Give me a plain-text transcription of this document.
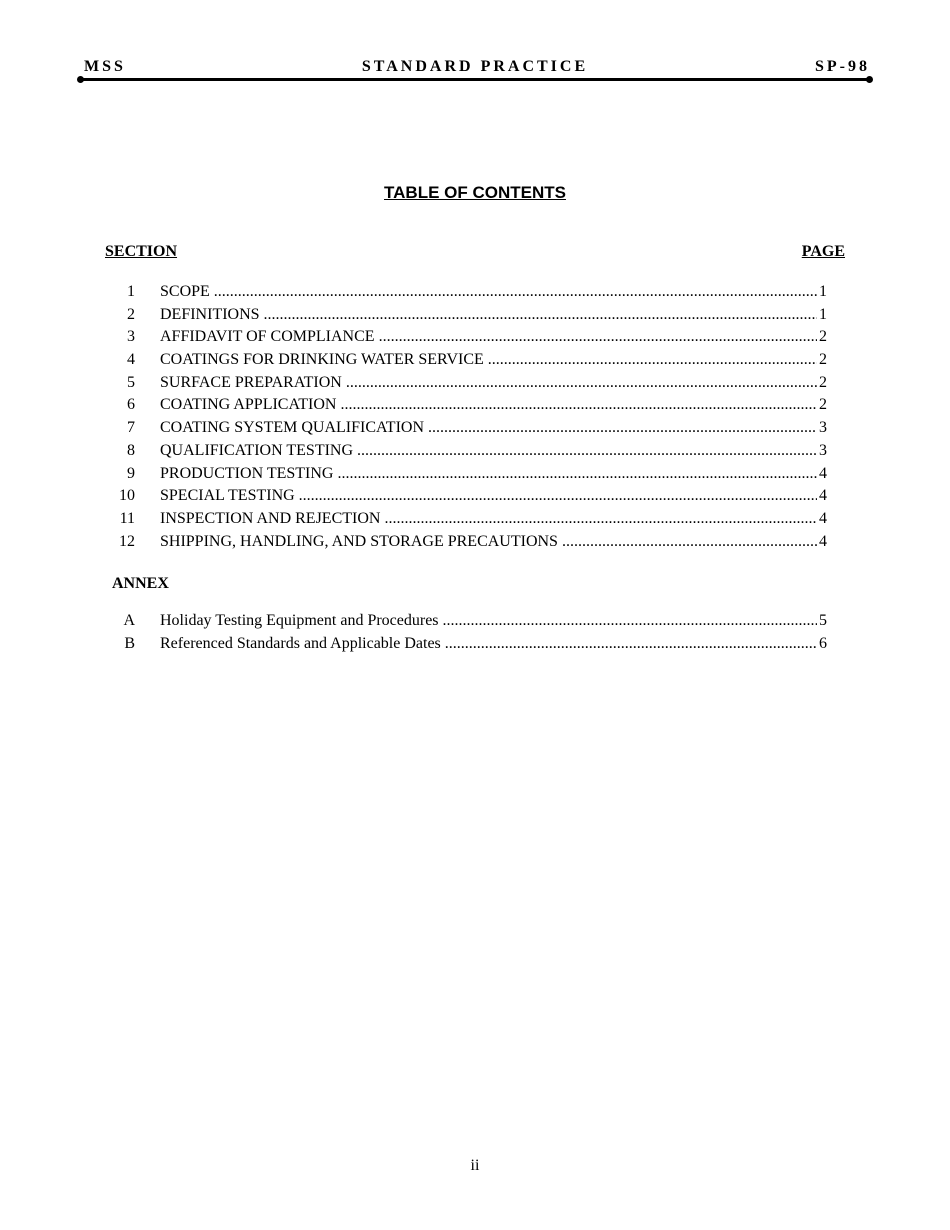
MSS	STANDARD PRACTICE	SP-98
TABLE OF CONTENTS
SECTION	PAGE
1 SCOPE .....	1
2 DEFINITIONS .....	1
3 AFFIDAVIT OF COMPLIANCE .....	2
4 COATINGS FOR DRINKING WATER SERVICE .....	2
5 SURFACE PREPARATION .....	2
6 COATING APPLICATION .....	2
7 COATING SYSTEM QUALIFICATION .....	3
8 QUALIFICATION TESTING .....	3
9 PRODUCTION TESTING .....	4
10 SPECIAL TESTING .....	4
11 INSPECTION AND REJECTION .....	4
12 SHIPPING, HANDLING, AND STORAGE PRECAUTIONS .....	4
ANNEX
A Holiday Testing Equipment and Procedures .....	5
B Referenced Standards and Applicable Dates .....	6
ii
